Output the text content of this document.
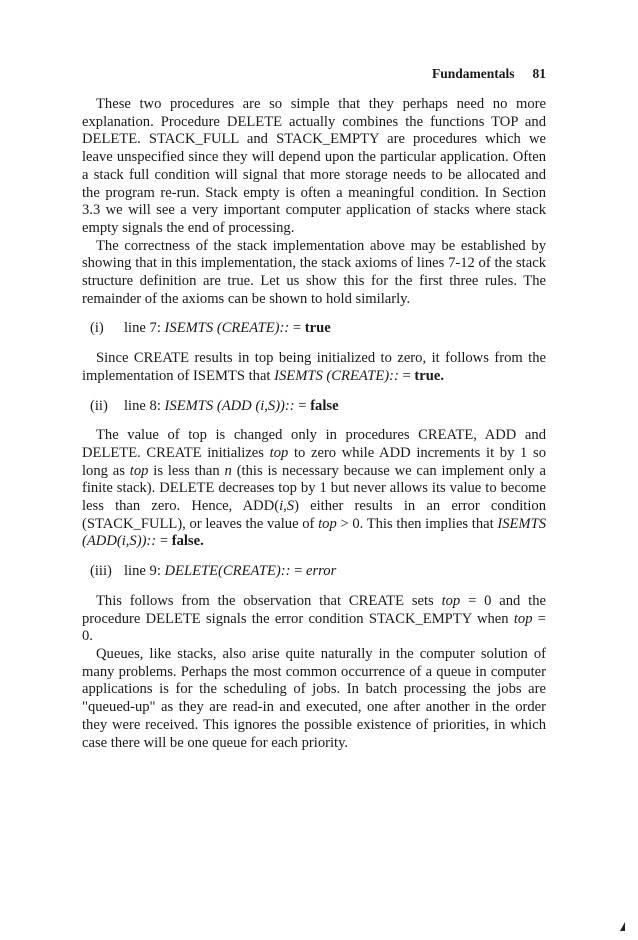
Fundamentals 81

These two procedures are so simple that they perhaps need no more explanation. Procedure DELETE actually combines the functions TOP and DELETE. STACK_FULL and STACK_EMPTY are procedures which we leave unspecified since they will depend upon the particular application. Often a stack full condition will signal that more storage needs to be allocated and the program re-run. Stack empty is often a meaningful condition. In Section 3.3 we will see a very important computer application of stacks where stack empty signals the end of processing.

The correctness of the stack implementation above may be established by showing that in this implementation, the stack axioms of lines 7-12 of the stack structure definition are true. Let us show this for the first three rules. The remainder of the axioms can be shown to hold similarly.

(i) line 7: ISEMTS (CREATE):: = true

Since CREATE results in top being initialized to zero, it follows from the implementation of ISEMTS that ISEMTS (CREATE):: = true.

(ii) line 8: ISEMTS (ADD (i,S)):: = false

The value of top is changed only in procedures CREATE, ADD and DELETE. CREATE initializes top to zero while ADD increments it by 1 so long as top is less than n (this is necessary because we can implement only a finite stack). DELETE decreases top by 1 but never allows its value to become less than zero. Hence, ADD(i,S) either results in an error condition (STACK_FULL), or leaves the value of top > 0. This then implies that ISEMTS (ADD(i,S)):: = false.

(iii) line 9: DELETE(CREATE):: = error

This follows from the observation that CREATE sets top = 0 and the procedure DELETE signals the error condition STACK_EMPTY when top = 0.

Queues, like stacks, also arise quite naturally in the computer solution of many problems. Perhaps the most common occurrence of a queue in computer applications is for the scheduling of jobs. In batch processing the jobs are "queued-up" as they are read-in and executed, one after another in the order they were received. This ignores the possible existence of priorities, in which case there will be one queue for each priority.
